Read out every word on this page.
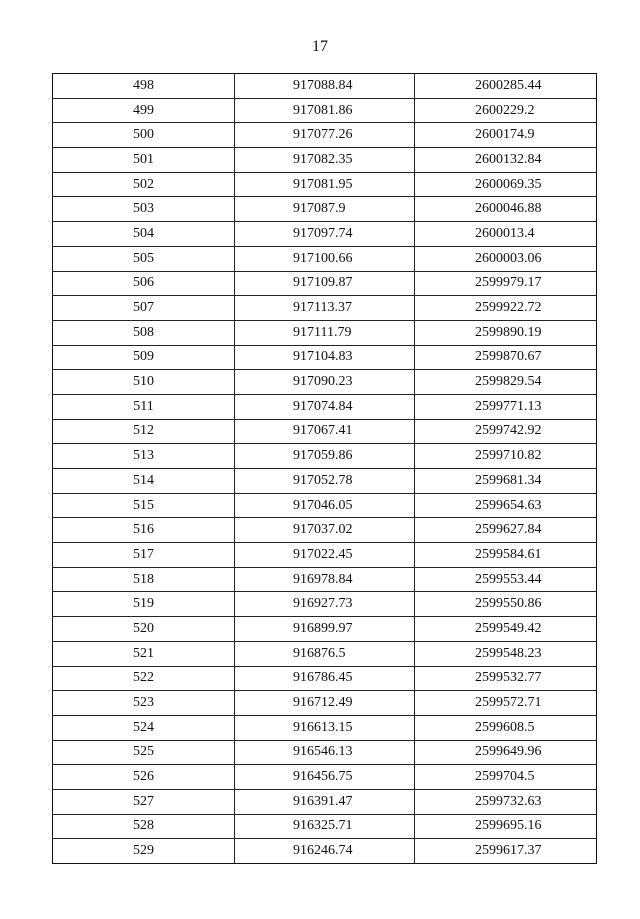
17
498	917088.84	2600285.44
499	917081.86	2600229.2
500	917077.26	2600174.9
501	917082.35	2600132.84
502	917081.95	2600069.35
503	917087.9	2600046.88
504	917097.74	2600013.4
505	917100.66	2600003.06
506	917109.87	2599979.17
507	917113.37	2599922.72
508	917111.79	2599890.19
509	917104.83	2599870.67
510	917090.23	2599829.54
511	917074.84	2599771.13
512	917067.41	2599742.92
513	917059.86	2599710.82
514	917052.78	2599681.34
515	917046.05	2599654.63
516	917037.02	2599627.84
517	917022.45	2599584.61
518	916978.84	2599553.44
519	916927.73	2599550.86
520	916899.97	2599549.42
521	916876.5	2599548.23
522	916786.45	2599532.77
523	916712.49	2599572.71
524	916613.15	2599608.5
525	916546.13	2599649.96
526	916456.75	2599704.5
527	916391.47	2599732.63
528	916325.71	2599695.16
529	916246.74	2599617.37
